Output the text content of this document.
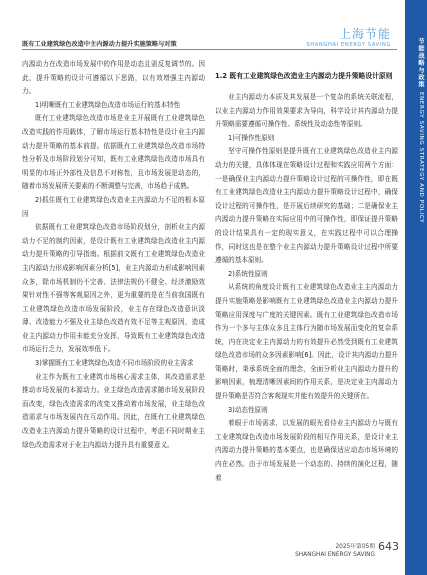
既有工业建筑绿色改造中主内源动力提升实施策略与对策
上海节能
SHANGHAI ENERGY SAVING	节能战略与政策
ENERGY SAVING STRATEGY AND POLICY

内源动力在改造市场发展中的作用是动态且需反复调节的。因此，提升策略的设计可遵循以下思路，以有效增强主内源动力。

1)明晰既有工业建筑绿色改造市场运行的基本特性

既有工业建筑绿色改造市场是业主开展既有工业建筑绿色改造实践的作用载体，了解市场运行基本特性是设计业主内源动力提升策略的基本前提。依据既有工业建筑绿色改造市场特性分析及市场阶段划分可知，既有工业建筑绿色改造市场具有明显的市场正外部性及信息不对称性，且市场发展是动态的，随着市场发展所关要素的不断调整与完善，市场趋于成熟。

2)抓住既有工业建筑绿色改造业主内源动力不足的根本原因

依据既有工业建筑绿色改造市场阶段划分，剖析业主内源动力不足的制约因素，是设计既有工业建筑绿色改造业主内源动力提升策略的引导指南。根据前文既有工业建筑绿色改造业主内源动力形成影响因素分析[5]，业主内源动力形成影响因素众多，除市场机制仍不完善、法律法规仍不健全、经济激励效果针对性不强等客观原因之外，更为重要的是在当前我国既有工业建筑绿色改造市场发展阶段，业主存在绿色改造意识淡薄、改造能力不强及业主绿色改造有效不足等主观原因，造成业主内源动力作用未能充分发挥，导致既有工业建筑绿色改造市场运行乏力，发展效率低下。

3)掌握既有工业建筑绿色改造不同市场阶段的业主需求

业主作为既有工业建筑市场核心需求主体，其改造需求是推动市场发展的本源动力。业主绿色改造需求随市场发展阶段而改变，绿色改造需求的改变又推动着市场发展，业主绿色改造需求与市场发展内在互动作用。因此，在既有工业建筑绿色改造业主内源动力提升策略的设计过程中，考虑不同时期业主绿色改造需求对于业主内源动力提升具有重要意义。

1.2 既有工业建筑绿色改造业主内源动力提升策略设计原则

业主内源动力本质及其发展是一个复杂的系统关联流程，以业主内源动力作用效果要求为导向，科学设计其内源动力提升策略需要遵循可操作性、系统性及动态性等原则。

1)可操作性原则

坚守可操作性原则是提升既有工业建筑绿色改造业主内源动力的关键，具体体现在策略设计过程和实践应用两个方面：一是确保业主内源动力提升策略设计过程的可操作性，即在既有工业建筑绿色改造业主内源动力提升策略设计过程中，确保设计过程的可操作性，是开展后续研究的基础；二是确保业主内源动力提升策略在实际应用中的可操作性，即保证提升策略的设计结果具有一定的现实意义，在实践过程中可以合理操作，同时这也是在整个业主内源动力提升策略设计过程中所要遵循的基本原则。

2)系统性原则

从系统的角度设计既有工业建筑绿色改造业主主内源动力提升实施策略是影响既有工业建筑绿色改造业主内源动力提升策略应用深度与广度的关键因素。既有工业建筑绿色改造市场作为一个多与主体众多且主体行为随市场发展而变化的复杂系统，内在决定业主内源动力的有效提升必然受到既有工业建筑绿色改造市场的众多因素影响[6]。因此，设计其内源动力提升策略时，秉承系统全面的理念，全面分析业主内源动力提升的影响因素，梳理清晰因素间的作用关系，是决定业主内源动力提升策略是否符合客观现实并能有效提升的关键所在。

3)动态性原则

着眼于市场需求，以发展的眼光看待业主内源动力与既有工业建筑绿色改造市场发展阶段的相互作用关系，是设计业主内源动力提升策略的基本要点，也是确保适应动态市场环境的内在必然。由于市场发展是一个动态的、持续的演化过程，随着

2025年第05期
SHANGHAI ENERGY SAVING
643
